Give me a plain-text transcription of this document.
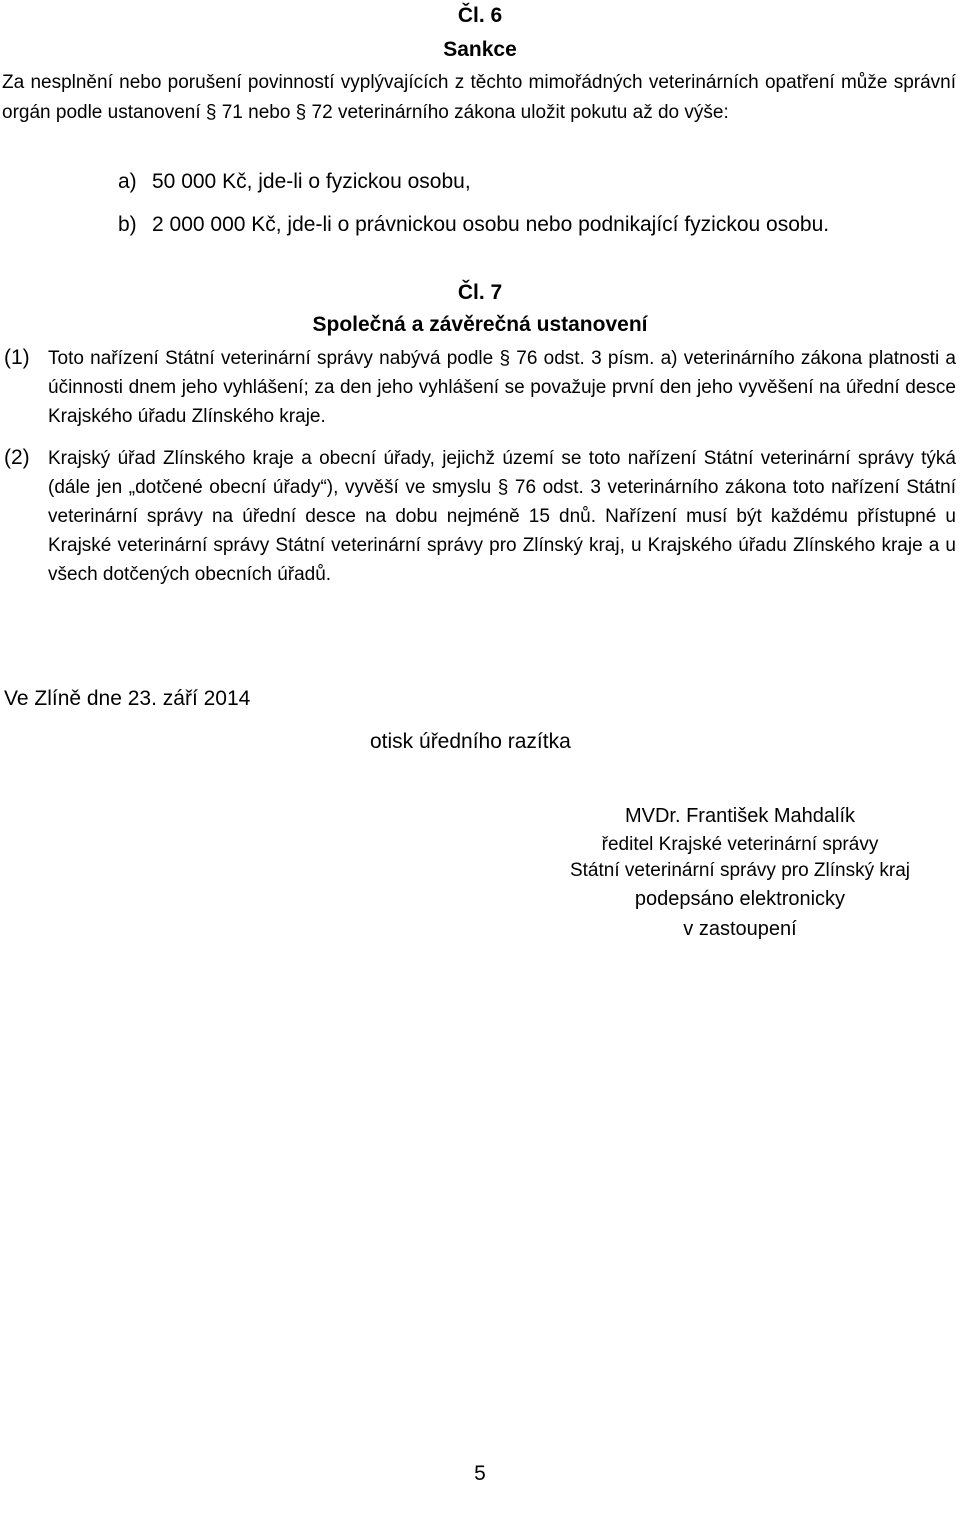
Čl. 6
Sankce
Za nesplnění nebo porušení povinností vyplývajících z těchto mimořádných veterinárních opatření může správní orgán podle ustanovení § 71 nebo § 72 veterinárního zákona uložit pokutu až do výše:
a) 50 000 Kč, jde-li o fyzickou osobu,
b) 2 000 000 Kč, jde-li o právnickou osobu nebo podnikající fyzickou osobu.
Čl. 7
Společná a závěrečná ustanovení
(1) Toto nařízení Státní veterinární správy nabývá podle § 76 odst. 3 písm. a) veterinárního zákona platnosti a účinnosti dnem jeho vyhlášení; za den jeho vyhlášení se považuje první den jeho vyvěšení na úřední desce Krajského úřadu Zlínského kraje.
(2) Krajský úřad Zlínského kraje a obecní úřady, jejichž území se toto nařízení Státní veterinární správy týká (dále jen „dotčené obecní úřady“), vyvěší ve smyslu § 76 odst. 3 veterinárního zákona toto nařízení Státní veterinární správy na úřední desce na dobu nejméně 15 dnů. Nařízení musí být každému přístupné u Krajské veterinární správy Státní veterinární správy pro Zlínský kraj, u Krajského úřadu Zlínského kraje a u všech dotčených obecních úřadů.
Ve Zlíně dne 23. září 2014
otisk úředního razítka
MVDr. František Mahdalík
ředitel Krajské veterinární správy
Státní veterinární správy pro Zlínský kraj
podepsáno elektronicky
v zastoupení
5
